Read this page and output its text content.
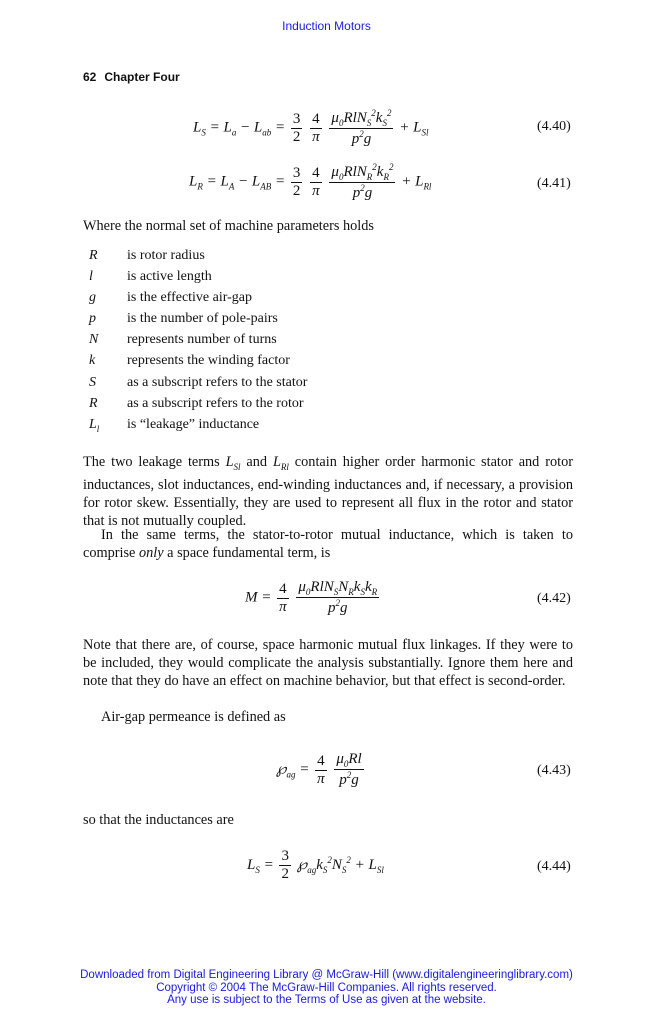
Induction Motors
62 Chapter Four
$L_S = L_a - L_{ab} = \frac{3}{2}$
$\frac{4}{\pi}$
$\frac{\mu_0RlN_S^2k_S^2}{p^2g} + L_{Sl}$	(4.40)
$L_R = L_A - L_{AB} = \frac{3}{2}$
$\frac{4}{\pi}$
$\frac{\mu_0RlN_R^2k_R^2}{p^2g} + L_{Rl}$	(4.41)
Where the normal set of machine parameters holds
R	is rotor radius
l	is active length
g	is the effective air-gap
p	is the number of pole-pairs
N	represents number of turns
k	represents the winding factor
S	as a subscript refers to the stator
R	as a subscript refers to the rotor
$L_l$	is “leakage” inductance
The two leakage terms $L_{Sl}$ and $L_{Rl}$ contain higher order harmonic stator and rotor inductances, slot inductances, end-winding inductances and, if necessary, a provision for rotor skew. Essentially, they are used to represent all flux in the rotor and stator that is not mutually coupled.
In the same terms, the stator-to-rotor mutual inductance, which is taken to comprise only a space fundamental term, is
$M = \frac{4}{\pi}$
$\frac{\mu_0RlN_SN_Rk_Sk_R}{p^2g}$	(4.42)
Note that there are, of course, space harmonic mutual flux linkages. If they were to be included, they would complicate the analysis substantially. Ignore them here and note that they do have an effect on machine behavior, but that effect is second-order.
Air-gap permeance is defined as
$℘_{ag} = \frac{4}{\pi}$
$\frac{\mu_0Rl}{p^2g}$	(4.43)
so that the inductances are
$L_S = \frac{3}{2}$ $℘_{ag}k_S^2N_S^2 + L_{Sl}$	(4.44)
Downloaded from Digital Engineering Library @ McGraw-Hill (www.digitalengineeringlibrary.com)
Copyright © 2004 The McGraw-Hill Companies. All rights reserved.
Any use is subject to the Terms of Use as given at the website.
